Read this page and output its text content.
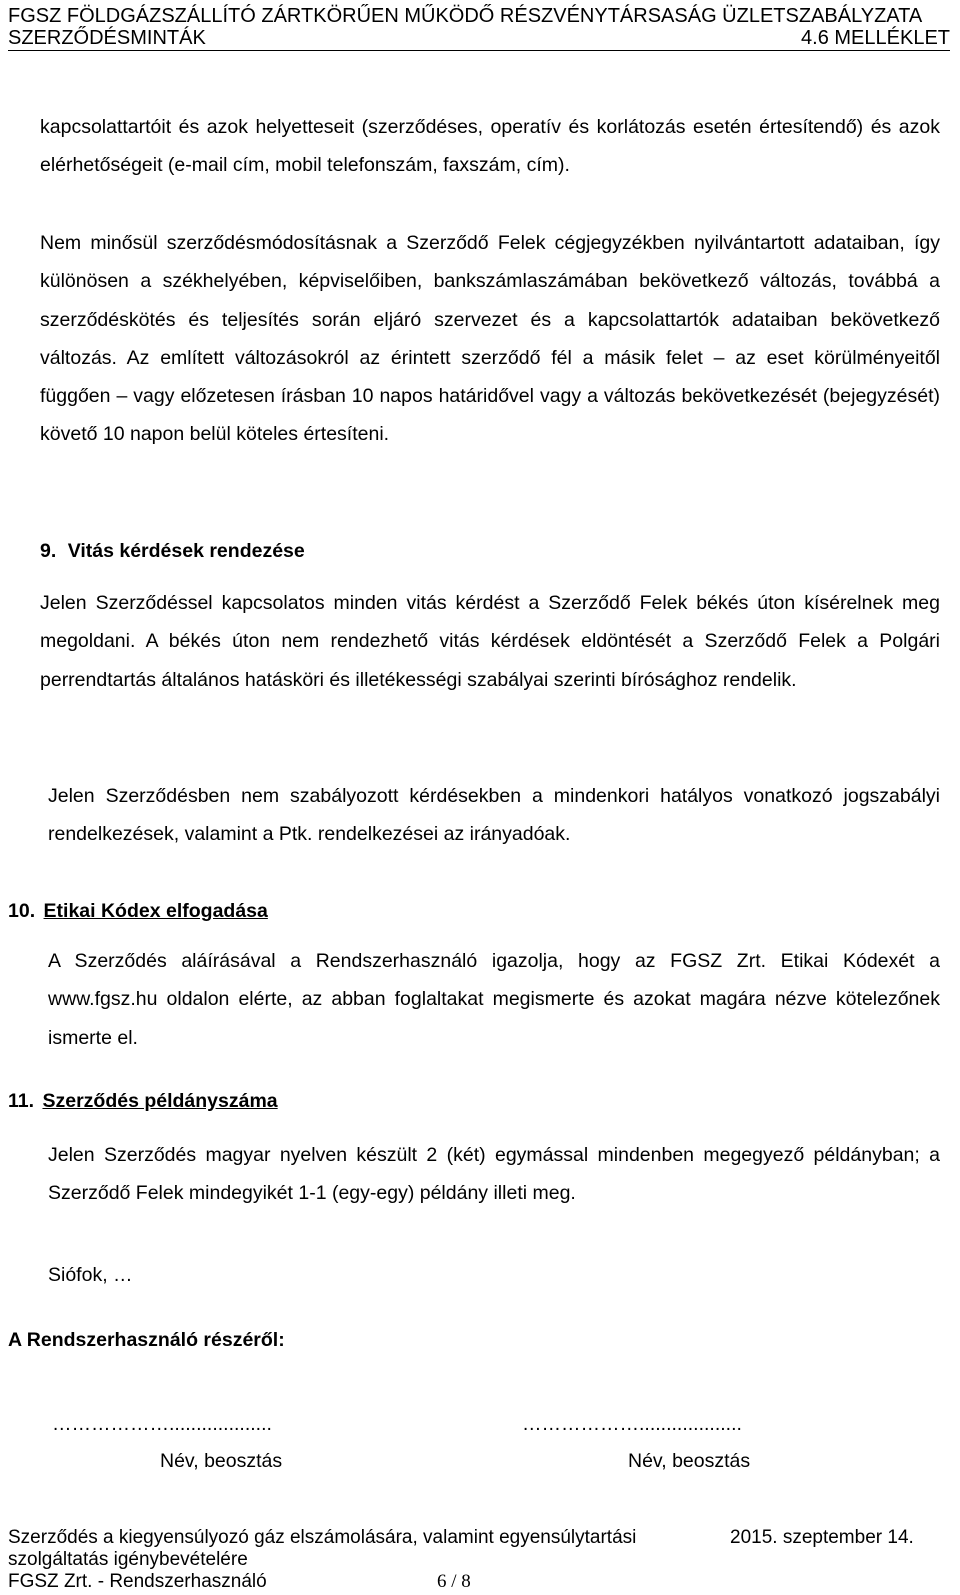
FGSZ FÖLDGÁZSZÁLLÍTÓ ZÁRTKÖRŰEN MŰKÖDŐ RÉSZVÉNYTÁRSASÁG ÜZLETSZABÁLYZATA
SZERZŐDÉSMINTÁK	4.6 MELLÉKLET
kapcsolattartóit és azok helyetteseit (szerződéses, operatív és korlátozás esetén értesítendő) és azok elérhetőségeit (e-mail cím, mobil telefonszám, faxszám, cím).
Nem minősül szerződésmódosításnak a Szerződő Felek cégjegyzékben nyilvántartott adataiban, így különösen a székhelyében, képviselőiben, bankszámlaszámában bekövetkező változás, továbbá a szerződéskötés és teljesítés során eljáró szervezet és a kapcsolattartók adataiban bekövetkező változás. Az említett változásokról az érintett szerződő fél a másik felet – az eset körülményeitől függően – vagy előzetesen írásban 10 napos határidővel vagy a változás bekövetkezését (bejegyzését) követő 10 napon belül köteles értesíteni.
9. Vitás kérdések rendezése
Jelen Szerződéssel kapcsolatos minden vitás kérdést a Szerződő Felek békés úton kísérelnek meg megoldani. A békés úton nem rendezhető vitás kérdések eldöntését a Szerződő Felek a Polgári perrendtartás általános hatásköri és illetékességi szabályai szerinti bírósághoz rendelik.
Jelen Szerződésben nem szabályozott kérdésekben a mindenkori hatályos vonatkozó jogszabályi rendelkezések, valamint a Ptk. rendelkezései az irányadóak.
10. Etikai Kódex elfogadása
A Szerződés aláírásával a Rendszerhasználó igazolja, hogy az FGSZ Zrt. Etikai Kódexét a www.fgsz.hu oldalon elérte, az abban foglaltakat megismerte és azokat magára nézve kötelezőnek ismerte el.
11. Szerződés példányszáma
Jelen Szerződés magyar nyelven készült 2 (két) egymással mindenben megegyező példányban; a Szerződő Felek mindegyikét 1-1 (egy-egy) példány illeti meg.
Siófok, …
A Rendszerhasználó részéről:
………………...................	………………...................
Név, beosztás	Név, beosztás
Szerződés a kiegyensúlyozó gáz elszámolására, valamint egyensúlytartási
szolgáltatás igénybevételére
FGSZ Zrt. - Rendszerhasználó
2015. szeptember 14.
6 / 8
